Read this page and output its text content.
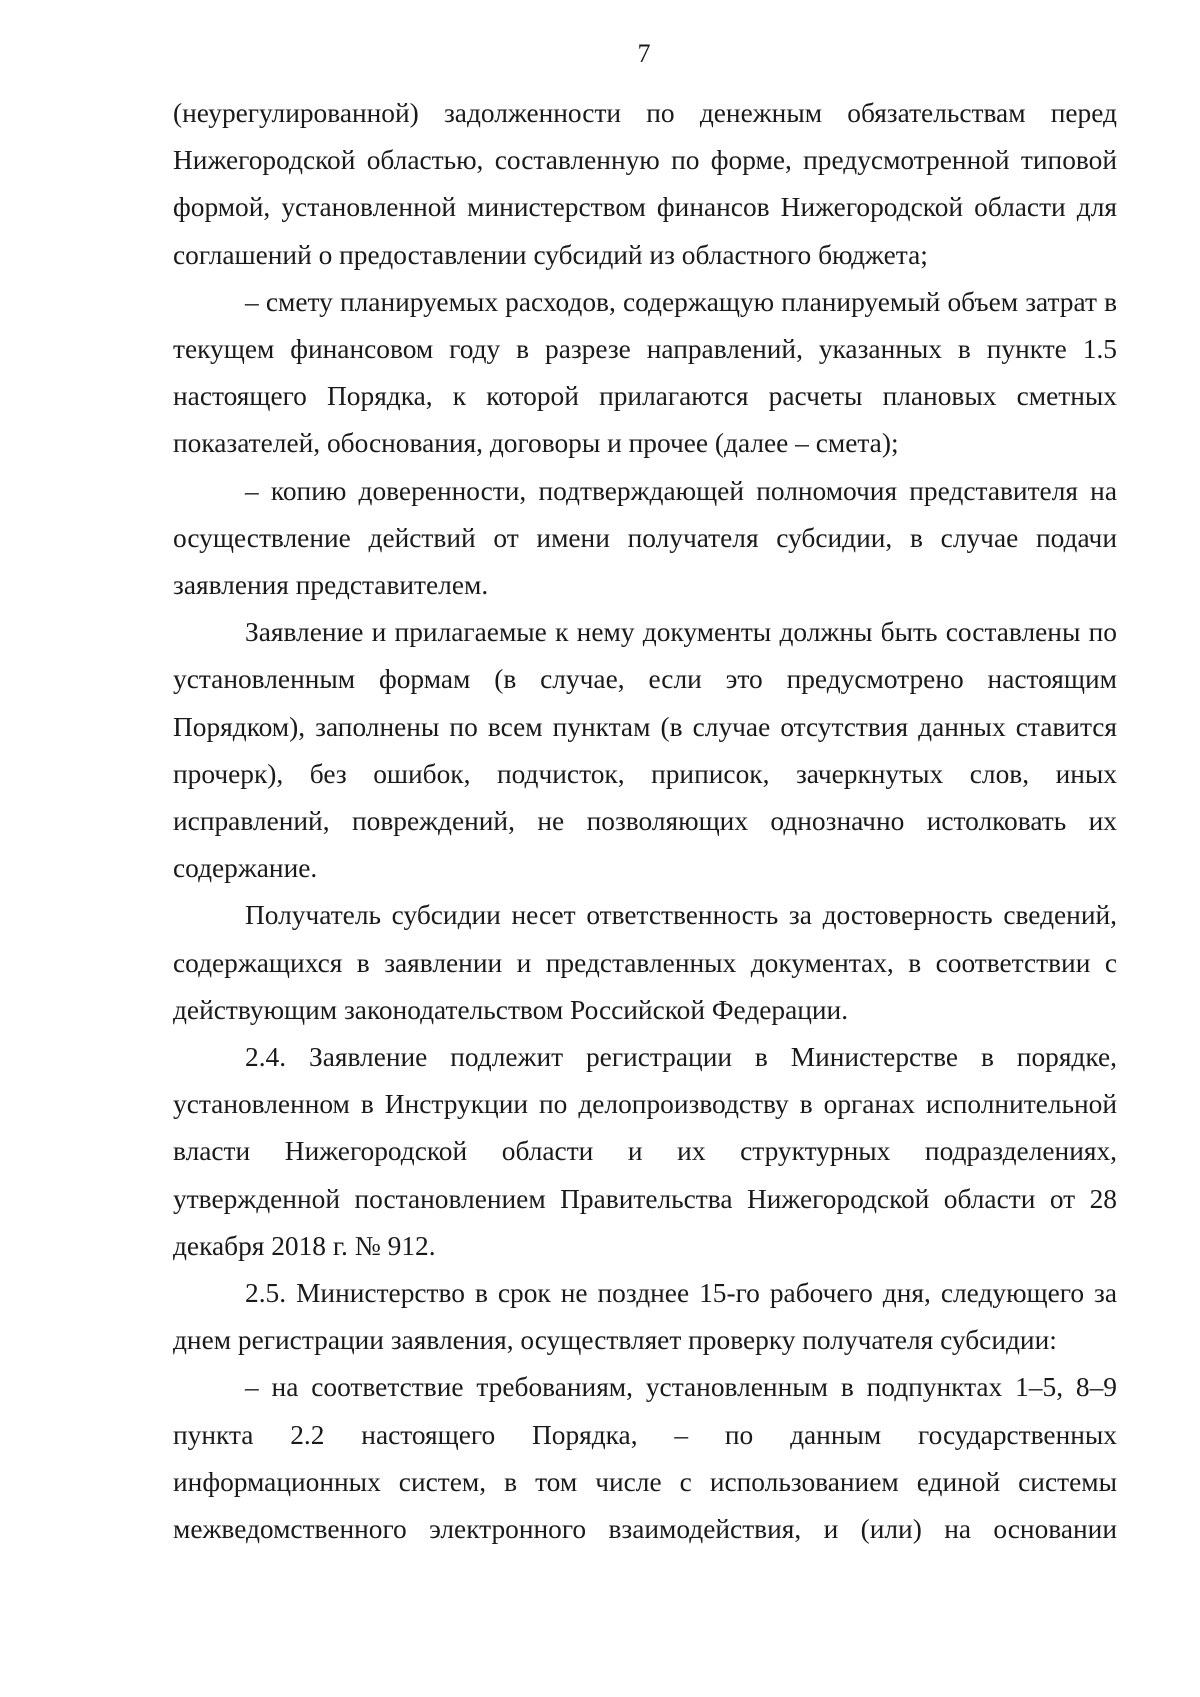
7

(неурегулированной) задолженности по денежным обязательствам перед Нижегородской областью, составленную по форме, предусмотренной типовой формой, установленной министерством финансов Нижегородской области для соглашений о предоставлении субсидий из областного бюджета;

– смету планируемых расходов, содержащую планируемый объем затрат в текущем финансовом году в разрезе направлений, указанных в пункте 1.5 настоящего Порядка, к которой прилагаются расчеты плановых сметных показателей, обоснования, договоры и прочее (далее – смета);

– копию доверенности, подтверждающей полномочия представителя на осуществление действий от имени получателя субсидии, в случае подачи заявления представителем.

Заявление и прилагаемые к нему документы должны быть составлены по установленным формам (в случае, если это предусмотрено настоящим Порядком), заполнены по всем пунктам (в случае отсутствия данных ставится прочерк), без ошибок, подчисток, приписок, зачеркнутых слов, иных исправлений, повреждений, не позволяющих однозначно истолковать их содержание.

Получатель субсидии несет ответственность за достоверность сведений, содержащихся в заявлении и представленных документах, в соответствии с действующим законодательством Российской Федерации.

2.4. Заявление подлежит регистрации в Министерстве в порядке, установленном в Инструкции по делопроизводству в органах исполнительной власти Нижегородской области и их структурных подразделениях, утвержденной постановлением Правительства Нижегородской области от 28 декабря 2018 г. № 912.

2.5. Министерство в срок не позднее 15-го рабочего дня, следующего за днем регистрации заявления, осуществляет проверку получателя субсидии:

– на соответствие требованиям, установленным в подпунктах 1–5, 8–9 пункта 2.2 настоящего Порядка, – по данным государственных информационных систем, в том числе с использованием единой системы межведомственного электронного взаимодействия, и (или) на основании
